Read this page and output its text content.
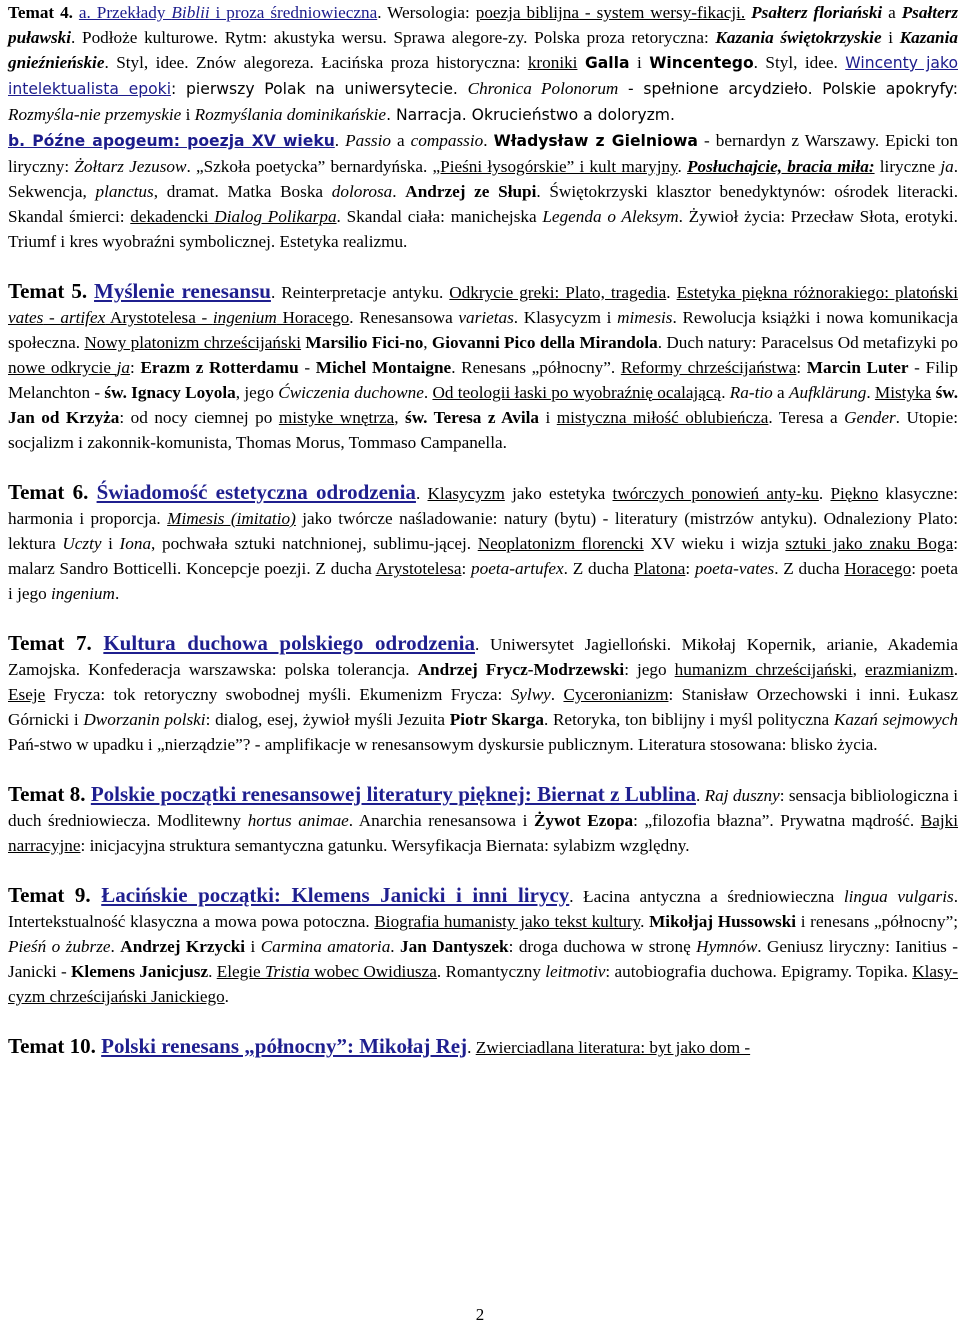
Temat 4. a. Przekłady Biblii i proza średniowieczna. Wersologia: poezja biblijna - system wersy-fikacji. Psałterz floriański a Psałterz puławski. Podłoże kulturowe. Rytm: akustyka wersu. Sprawa alegore-zy. Polska proza retoryczna: Kazania świętokrzyskie i Kazania gnieźnieńskie. Styl, idee. Znów alegoreza. Łacińska proza historyczna: kroniki Galla i Wincentego. Styl, idee. Wincenty jako intelektualista epoki: pierwszy Polak na uniwersytecie. Chronica Polonorum - spełnione arcydzieło. Polskie apokryfy: Rozmyśla-nie przemyskie i Rozmyślania dominikańskie. Narracja. Okrucieństwo a doloryzm.

b. Późne apogeum: poezja XV wieku. Passio a compassio. Władysław z Gielniowa - bernardyn z Warszawy. Epicki ton liryczny: Żołtarz Jezusow. „Szkoła poetycka” bernardyńska. „Pieśni łysogórskie” i kult maryjny. Posłuchajcie, bracia miła: liryczne ja. Sekwencja, planctus, dramat. Matka Boska dolorosa. Andrzej ze Słupi. Świętokrzyski klasztor benedyktynów: ośrodek literacki. Skandal śmierci: dekadencki Dialog Polikarpa. Skandal ciała: manichejska Legenda o Aleksym. Żywioł życia: Przecław Słota, erotyki. Triumf i kres wyobraźni symbolicznej. Estetyka realizmu.

Temat 5. Myślenie renesansu. Reinterpretacje antyku. Odkrycie greki: Plato, tragedia. Estetyka piękna różnorakiego: platoński vates - artifex Arystotelesa - ingenium Horacego. Renesansowa varietas. Klasycyzm i mimesis. Rewolucja książki i nowa komunikacja społeczna. Nowy platonizm chrześcijański Marsilio Fici-no, Giovanni Pico della Mirandola. Duch natury: Paracelsus Od metafizyki po nowe odkrycie ja: Erazm z Rotterdamu - Michel Montaigne. Renesans „północny”. Reformy chrześcijaństwa: Marcin Luter - Filip Melanchton - św. Ignacy Loyola, jego Ćwiczenia duchowne. Od teologii łaski po wyobraźnię ocalającą. Ra-tio a Aufklärung. Mistyka św. Jan od Krzyża: od nocy ciemnej po mistyke wnętrza, św. Teresa z Avila i mistyczna miłość oblubieńcza. Teresa a Gender. Utopie: socjalizm i zakonnik-komunista, Thomas Morus, Tommaso Campanella.

Temat 6. Świadomość estetyczna odrodzenia. Klasycyzm jako estetyka twórczych ponowień anty-ku. Piękno klasyczne: harmonia i proporcja. Mimesis (imitatio) jako twórcze naśladowanie: natury (bytu) - literatury (mistrzów antyku). Odnaleziony Plato: lektura Uczty i Iona, pochwała sztuki natchnionej, sublimu-jącej. Neoplatonizm florencki XV wieku i wizja sztuki jako znaku Boga: malarz Sandro Botticelli. Koncepcje poezji. Z ducha Arystotelesa: poeta-artufex. Z ducha Platona: poeta-vates. Z ducha Horacego: poeta i jego ingenium.

Temat 7. Kultura duchowa polskiego odrodzenia. Uniwersytet Jagielloński. Mikołaj Kopernik, arianie, Akademia Zamojska. Konfederacja warszawska: polska tolerancja. Andrzej Frycz-Modrzewski: jego humanizm chrześcijański, erazmianizm. Eseje Frycza: tok retoryczny swobodnej myśli. Ekumenizm Frycza: Sylwy. Cyceronianizm: Stanisław Orzechowski i inni. Łukasz Górnicki i Dworzanin polski: dialog, esej, żywioł myśli Jezuita Piotr Skarga. Retoryka, ton biblijny i myśl polityczna Kazań sejmowych Pań-stwo w upadku i „nierządzie”? - amplifikacje w renesansowym dyskursie publicznym. Literatura stosowana: blisko życia.

Temat 8. Polskie początki renesansowej literatury pięknej: Biernat z Lublina. Raj duszny: sensacja bibliologiczna i duch średniowiecza. Modlitewny hortus animae. Anarchia renesansowa i Żywot Ezopa: „filozofia błazna”. Prywatna mądrość. Bajki narracyjne: inicjacyjna struktura semantyczna gatunku. Wersyfikacja Biernata: sylabizm względny.

Temat 9. Łacińskie początki: Klemens Janicki i inni lirycy. Łacina antyczna a średniowieczna lingua vulgaris. Intertekstualność klasyczna a mowa powa potoczna. Biografia humanisty jako tekst kultury. Mikołjaj Hussowski i renesans „północny”; Pieśń o żubrze. Andrzej Krzycki i Carmina amatoria. Jan Dantyszek: droga duchowa w stronę Hymnów. Geniusz liryczny: Ianitius - Janicki - Klemens Janicjusz. Elegie Tristia wobec Owidiusza. Romantyczny leitmotiv: autobiografia duchowa. Epigramy. Topika. Klasy-cyzm chrześcijański Janickiego.

Temat 10. Polski renesans „północny”: Mikołaj Rej. Zwierciadlana literatura: byt jako dom -

2
